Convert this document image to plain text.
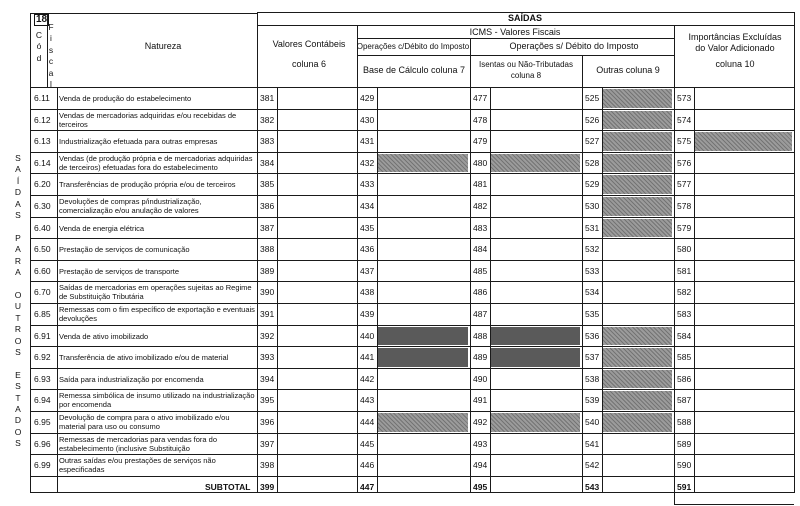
18
C
ó
d
F
i
s
c
a
l
Natureza
SAÍDAS
Valores Contábeis
coluna 6
ICMS - Valores Fiscais
Operações c/Débito do Imposto	Operações s/ Débito do Imposto
Base de Cálculo coluna 7
Isentas ou Não-Tributadas
coluna 8
Outras coluna 9
Importâncias Excluídas
do Valor Adicionado
coluna 10
S
A
Í
D
A
S

P
A
R
A

O
U
T
R
O
S

E
S
T
A
D
O
S
6.11 Venda de produção do estabelecimento	381	429	477	525	573
6.12 Vendas de mercadorias adquiridas e/ou recebidas de terceiros	382	430	478	526	574
6.13 Industrialização efetuada para outras empresas	383	431	479	527	575
6.14 Vendas (de produção própria e de mercadorias adquiridas de terceiros) efetuadas fora do estabelecimento	384	432	480	528	576
6.20 Transferências de produção própria e/ou de terceiros	385	433	481	529	577
6.30 Devoluções de compras p/industrialização, comercialização e/ou anulação de valores	386	434	482	530	578
6.40 Venda de energia elétrica	387	435	483	531	579
6.50 Prestação de serviços de comunicação	388	436	484	532	580
6.60 Prestação de serviços de transporte	389	437	485	533	581
6.70 Saídas de mercadorias em operações sujeitas ao Regime de Substituição Tributária	390	438	486	534	582
6.85 Remessas com o fim específico de exportação e eventuais devoluções	391	439	487	535	583
6.91 Venda de ativo imobilizado	392	440	488	536	584
6.92 Transferência de ativo imobilizado e/ou de material	393	441	489	537	585
6.93 Saída para industrialização por encomenda	394	442	490	538	586
6.94 Remessa simbólica de insumo utilizado na industrialização por encomenda	395	443	491	539	587
6.95 Devolução de compra para o ativo imobilizado e/ou material para uso ou consumo	396	444	492	540	588
6.96 Remessas de mercadorias para vendas fora do estabelecimento (inclusive Substituição	397	445	493	541	589
6.99 Outras saídas e/ou prestações de serviços não especificadas	398	446	494	542	590
SUBTOTAL 399	447	495	543	591
